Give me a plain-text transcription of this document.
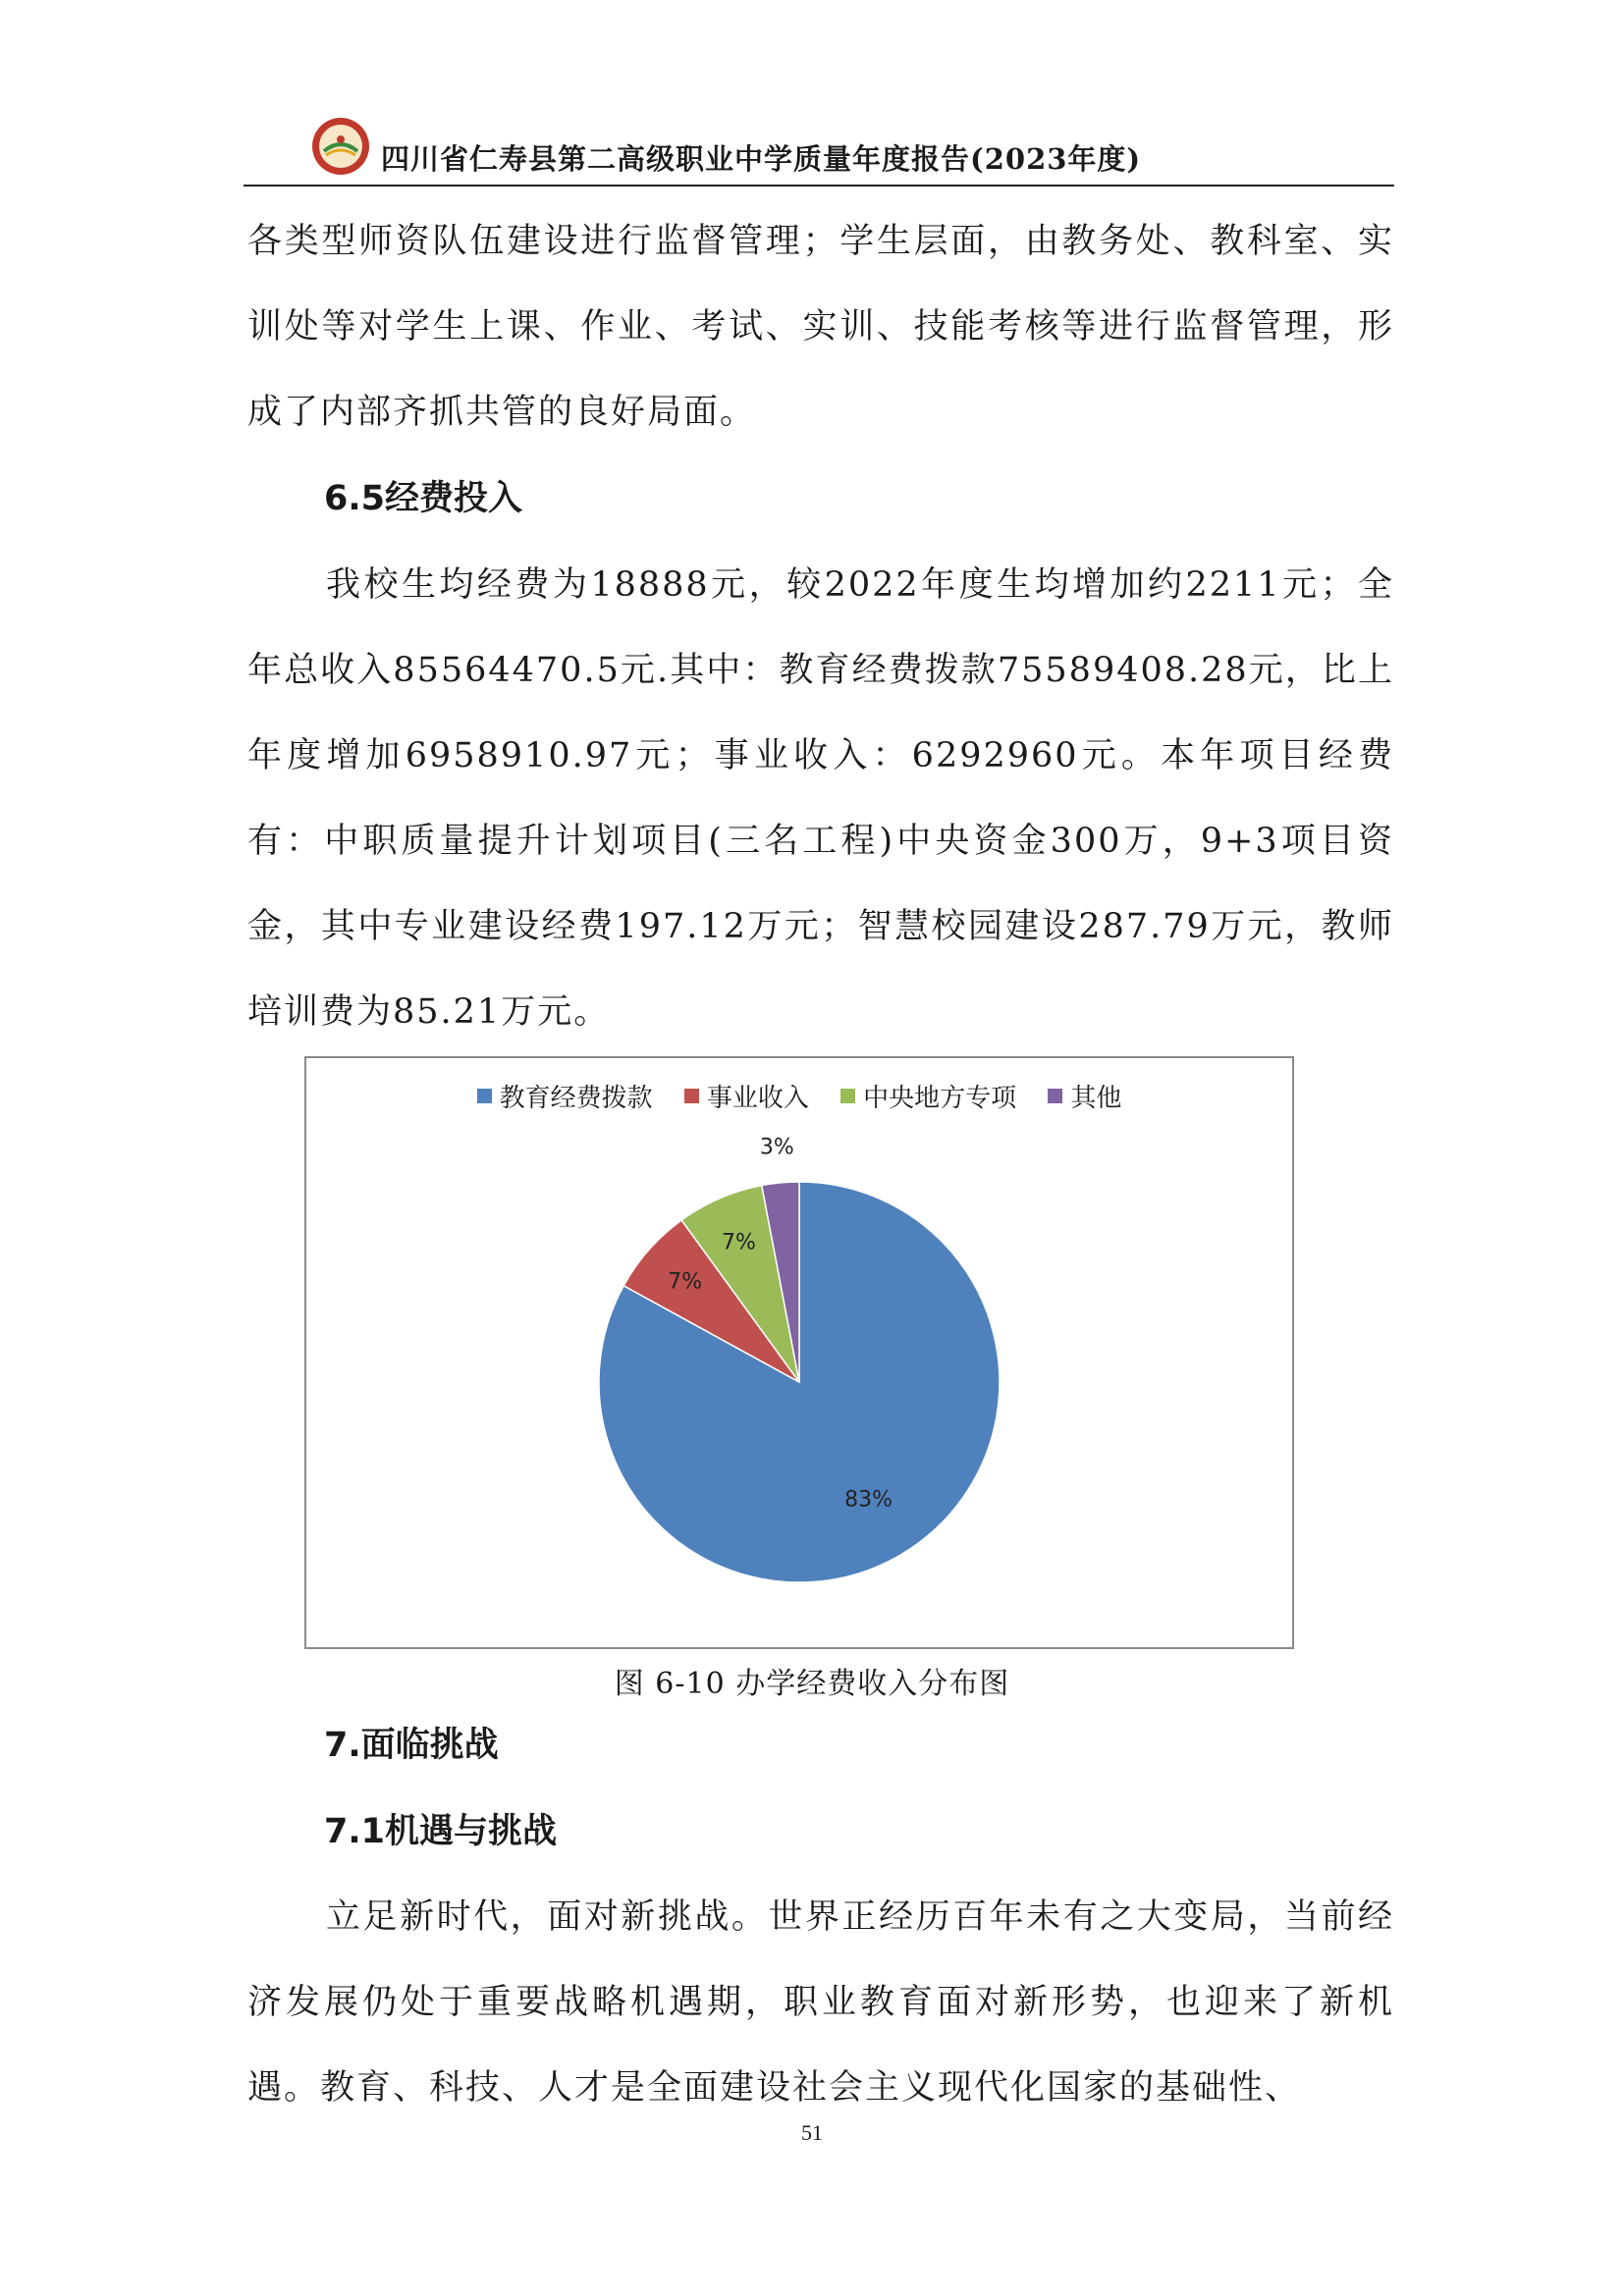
四川省仁寿县第二高级职业中学质量年度报告(2023年度)

各类型师资队伍建设进行监督管理；学生层面，由教务处、教科室、实训处等对学生上课、作业、考试、实训、技能考核等进行监督管理，形成了内部齐抓共管的良好局面。

6.5经费投入

我校生均经费为18888元，较2022年度生均增加约2211元；全年总收入85564470.5元.其中：教育经费拨款75589408.28元，比上年度增加6958910.97元；事业收入：6292960元。本年项目经费有：中职质量提升计划项目(三名工程)中央资金300万，9+3项目资金，其中专业建设经费197.12万元；智慧校园建设287.79万元，教师培训费为85.21万元。

教育经费拨款
事业收入
中央地方专项
其他
83%
7%
7%
3%

图 6-10 办学经费收入分布图

7.面临挑战
7.1机遇与挑战

立足新时代，面对新挑战。世界正经历百年未有之大变局，当前经济发展仍处于重要战略机遇期，职业教育面对新形势，也迎来了新机遇。教育、科技、人才是全面建设社会主义现代化国家的基础性、

51
